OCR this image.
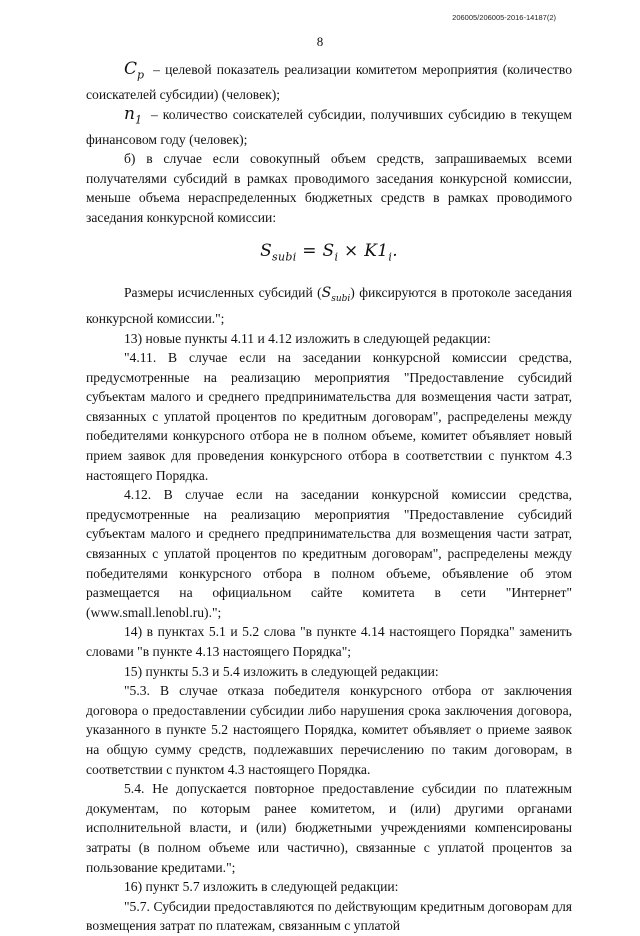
206005/206005-2016-14187(2)
8

$C_p$ – целевой показатель реализации комитетом мероприятия (количество соискателей субсидии) (человек);

$n_1$ – количество соискателей субсидии, получивших субсидию в текущем финансовом году (человек);

б) в случае если совокупный объем средств, запрашиваемых всеми получателями субсидий в рамках проводимого заседания конкурсной комиссии, меньше объема нераспределенных бюджетных средств в рамках проводимого заседания конкурсной комиссии:

$S_{subi} = S_i \times K1_i$.

Размеры исчисленных субсидий $(S_{subi})$ фиксируются в протоколе заседания конкурсной комиссии.";

13) новые пункты 4.11 и 4.12 изложить в следующей редакции:

"4.11. В случае если на заседании конкурсной комиссии средства, предусмотренные на реализацию мероприятия "Предоставление субсидий субъектам малого и среднего предпринимательства для возмещения части затрат, связанных с уплатой процентов по кредитным договорам", распределены между победителями конкурсного отбора не в полном объеме, комитет объявляет новый прием заявок для проведения конкурсного отбора в соответствии с пунктом 4.3 настоящего Порядка.

4.12. В случае если на заседании конкурсной комиссии средства, предусмотренные на реализацию мероприятия "Предоставление субсидий субъектам малого и среднего предпринимательства для возмещения части затрат, связанных с уплатой процентов по кредитным договорам", распределены между победителями конкурсного отбора в полном объеме, объявление об этом размещается на официальном сайте комитета в сети "Интернет" (www.small.lenobl.ru).";

14) в пунктах 5.1 и 5.2 слова "в пункте 4.14 настоящего Порядка" заменить словами "в пункте 4.13 настоящего Порядка";

15) пункты 5.3 и 5.4 изложить в следующей редакции:

"5.3. В случае отказа победителя конкурсного отбора от заключения договора о предоставлении субсидии либо нарушения срока заключения договора, указанного в пункте 5.2 настоящего Порядка, комитет объявляет о приеме заявок на общую сумму средств, подлежавших перечислению по таким договорам, в соответствии с пунктом 4.3 настоящего Порядка.

5.4. Не допускается повторное предоставление субсидии по платежным документам, по которым ранее комитетом, и (или) другими органами исполнительной власти, и (или) бюджетными учреждениями компенсированы затраты (в полном объеме или частично), связанные с уплатой процентов за пользование кредитами.";

16) пункт 5.7 изложить в следующей редакции:

"5.7. Субсидии предоставляются по действующим кредитным договорам для возмещения затрат по платежам, связанным с уплатой
